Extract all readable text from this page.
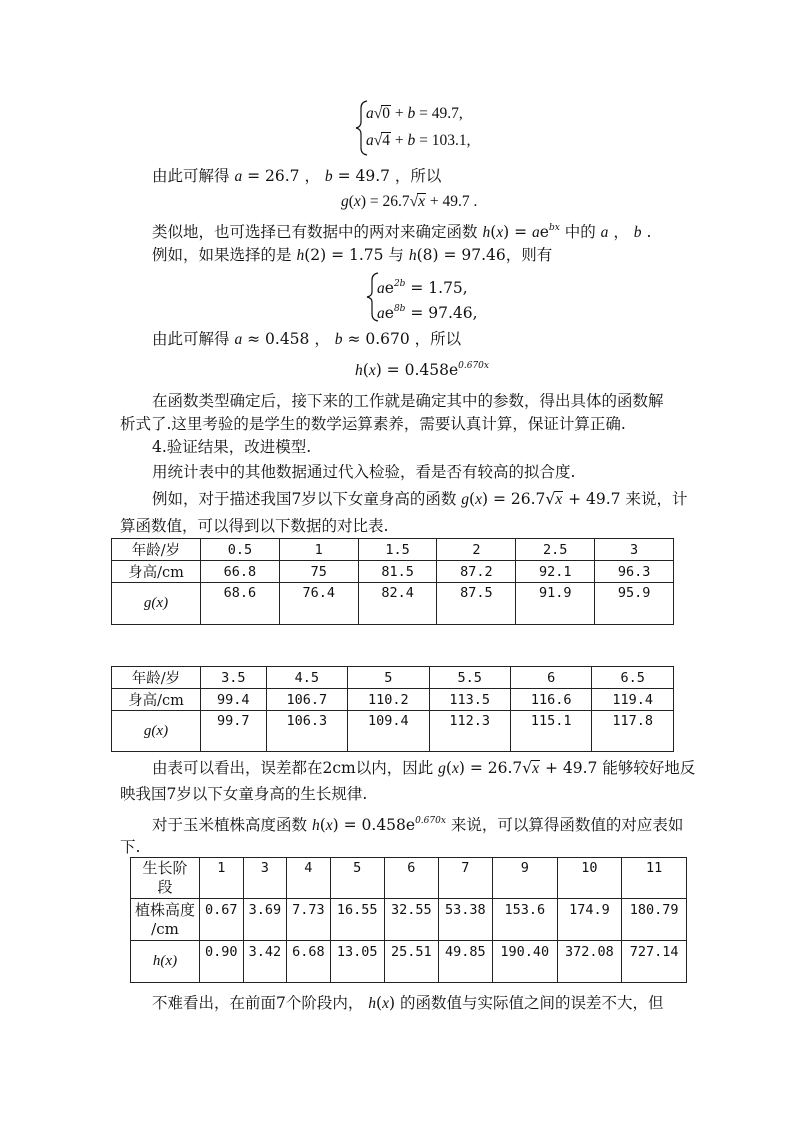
a√0 + b = 49.7,
a√4 + b = 103.1,
由此可解得 a = 26.7 ， b = 49.7 ，所以
g(x) = 26.7√x + 49.7 .
类似地，也可选择已有数据中的两对来确定函数 $h(x) = ae^{bx}$ 中的 a ， b .
例如，如果选择的是 h(2) = 1.75 与 h(8) = 97.46，则有
$ae^{2b} = 1.75$,
$ae^{8b} = 97.46$,
由此可解得 a ≈ 0.458 ， b ≈ 0.670 ，所以
$h(x) = 0.458e^{0.670x}$
在函数类型确定后，接下来的工作就是确定其中的参数，得出具体的函数解
析式了.这里考验的是学生的数学运算素养，需要认真计算，保证计算正确.
4.验证结果，改进模型.
用统计表中的其他数据通过代入检验，看是否有较高的拟合度.
例如，对于描述我国7岁以下女童身高的函数 g(x) = 26.7√x + 49.7 来说，计
算函数值，可以得到以下数据的对比表.
年龄/岁	0.5	1	1.5	2	2.5	3
身高/cm	66.8	75	81.5	87.2	92.1	96.3
g(x)	68.6	76.4	82.4	87.5	91.9	95.9
年龄/岁	3.5	4.5	5	5.5	6	6.5
身高/cm	99.4	106.7	110.2	113.5	116.6	119.4
g(x)	99.7	106.3	109.4	112.3	115.1	117.8
由表可以看出，误差都在2cm以内，因此 g(x) = 26.7√x + 49.7 能够较好地反
映我国7岁以下女童身高的生长规律.
对于玉米植株高度函数 $h(x) = 0.458e^{0.670x}$ 来说，可以算得函数值的对应表如
下.
生长阶
段	1	3	4	5	6	7	9	10	11
植株高度
/cm	0.67	3.69	7.73	16.55	32.55	53.38	153.6	174.9	180.79
h(x)	0.90	3.42	6.68	13.05	25.51	49.85	190.40	372.08	727.14
不难看出，在前面7个阶段内， h(x) 的函数值与实际值之间的误差不大，但
